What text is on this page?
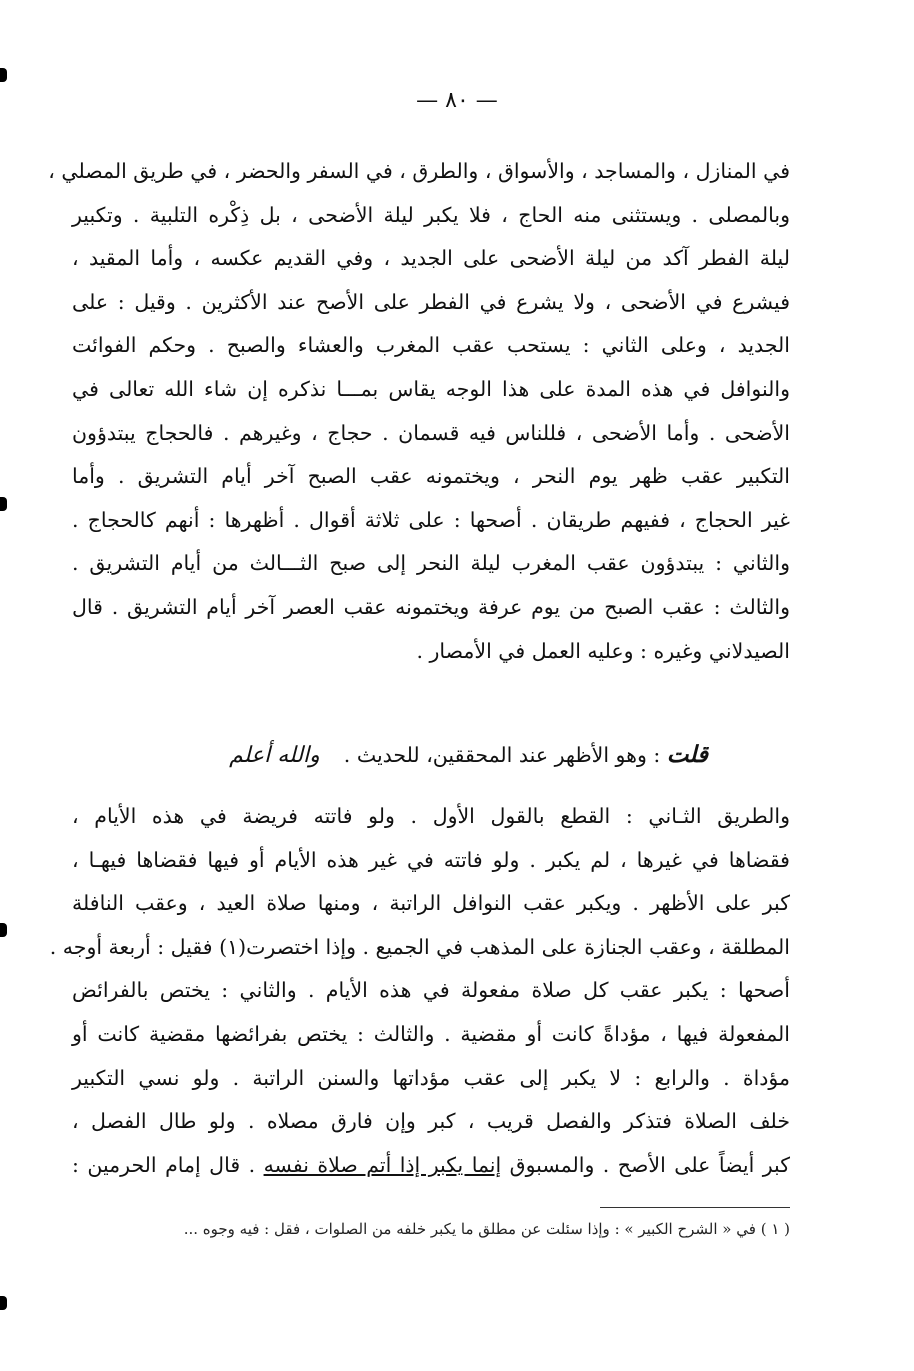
— ٨٠ —
في المنازل ، والمساجد ، والأسواق ، والطرق ، في السفر والحضر ، في طريق المصلي ،
وبالمصلى . ويستثنى منه الحاج ، فلا يكبر ليلة الأضحى ، بل ذِكْره التلبية . وتكبير
ليلة الفطر آكد من ليلة الأضحى على الجديد ، وفي القديم عكسه ، وأما المقيد ،
فيشرع في الأضحى ، ولا يشرع في الفطر على الأصح عند الأكثرين . وقيل : على
الجديد ، وعلى الثاني : يستحب عقب المغرب والعشاء والصبح . وحكم الفوائت
والنوافل في هذه المدة على هذا الوجه يقاس بمـــا نذكره إن شاء الله تعالى في
الأضحى . وأما الأضحى ، فللناس فيه قسمان . حجاج ، وغيرهم . فالحجاج يبتدؤون
التكبير عقب ظهر يوم النحر ، ويختمونه عقب الصبح آخر أيام التشريق . وأما
غير الحجاج ، ففيهم طريقان . أصحها : على ثلاثة أقوال . أظهرها : أنهم كالحجاج .
والثاني : يبتدؤون عقب المغرب ليلة النحر إلى صبح الثـــالث من أيام التشريق .
والثالث : عقب الصبح من يوم عرفة ويختمونه عقب العصر آخر أيام التشريق . قال
الصيدلاني وغيره : وعليه العمل في الأمصار .
قلت : وهو الأظهر عند المحققين، للحديث .والله أعلم
والطريق الثـاني : القطع بالقول الأول . ولو فاتته فريضة في هذه الأيام ،
فقضاها في غيرها ، لم يكبر . ولو فاتته في غير هذه الأيام أو فيها فقضاها فيهـا ،
كبر على الأظهر . ويكبر عقب النوافل الراتبة ، ومنها صلاة العيد ، وعقب النافلة
المطلقة ، وعقب الجنازة على المذهب في الجميع . وإذا اختصرت(١) فقيل : أربعة أوجه .
أصحها : يكبر عقب كل صلاة مفعولة في هذه الأيام . والثاني : يختص بالفرائض
المفعولة فيها ، مؤداةً كانت أو مقضية . والثالث : يختص بفرائضها مقضية كانت أو
مؤداة . والرابع : لا يكبر إلى عقب مؤداتها والسنن الراتبة . ولو نسي التكبير
خلف الصلاة فتذكر والفصل قريب ، كبر وإن فارق مصلاه . ولو طال الفصل ،
كبر أيضاً على الأصح . والمسبوق إنما يكبر إذا أتم صلاة نفسه . قال إمام الحرمين :
( ١ ) في « الشرح الكبير » : وإذا سئلت عن مطلق ما يكبر خلفه من الصلوات ، فقل : فيه وجوه ...
